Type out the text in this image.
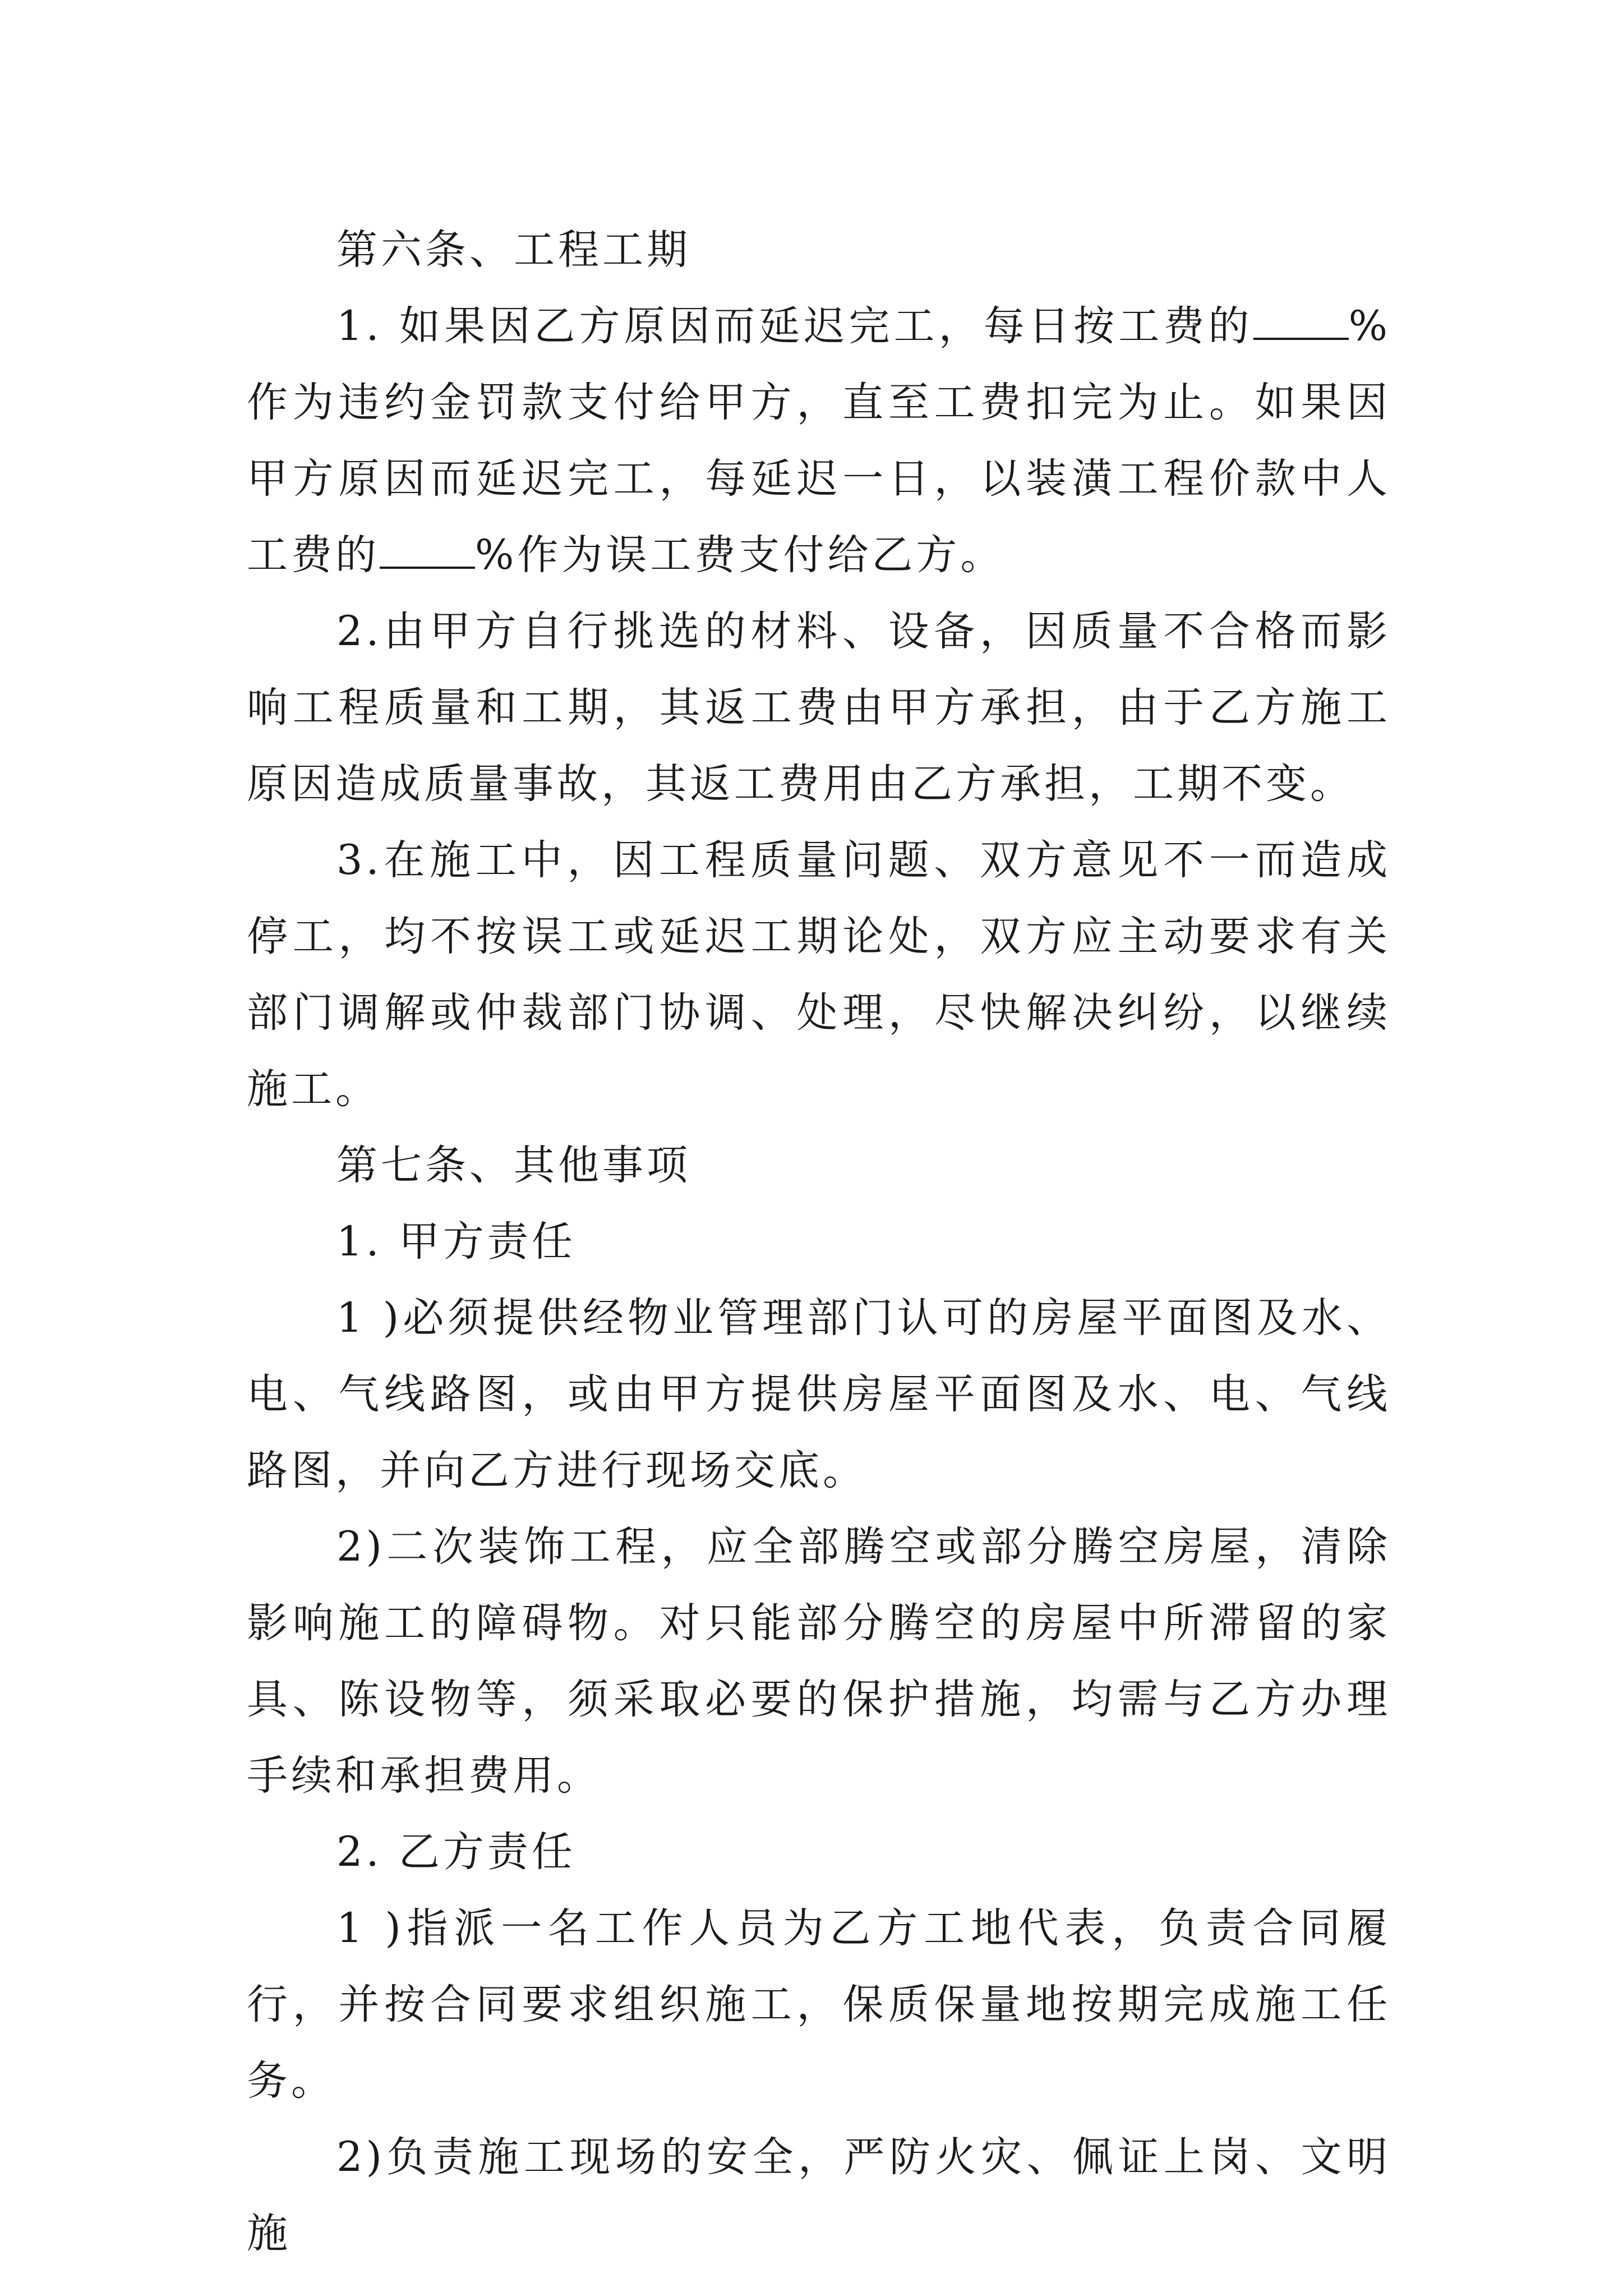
第六条、工程工期

1. 如果因乙方原因而延迟完工，每日按工费的 %作为违约金罚款支付给甲方，直至工费扣完为止。如果因甲方原因而延迟完工，每延迟一日，以装潢工程价款中人工费的 %作为误工费支付给乙方。

2.由甲方自行挑选的材料、设备，因质量不合格而影响工程质量和工期，其返工费由甲方承担，由于乙方施工原因造成质量事故，其返工费用由乙方承担，工期不变。

3.在施工中，因工程质量问题、双方意见不一而造成停工，均不按误工或延迟工期论处，双方应主动要求有关部门调解或仲裁部门协调、处理，尽快解决纠纷，以继续施工。

第七条、其他事项

1. 甲方责任

1 )必须提供经物业管理部门认可的房屋平面图及水、电、气线路图，或由甲方提供房屋平面图及水、电、气线路图，并向乙方进行现场交底。

2)二次装饰工程，应全部腾空或部分腾空房屋，清除影响施工的障碍物。对只能部分腾空的房屋中所滞留的家具、陈设物等，须采取必要的保护措施，均需与乙方办理手续和承担费用。

2. 乙方责任

1 )指派一名工作人员为乙方工地代表，负责合同履行，并按合同要求组织施工，保质保量地按期完成施工任务。

2)负责施工现场的安全，严防火灾、佩证上岗、文明施
